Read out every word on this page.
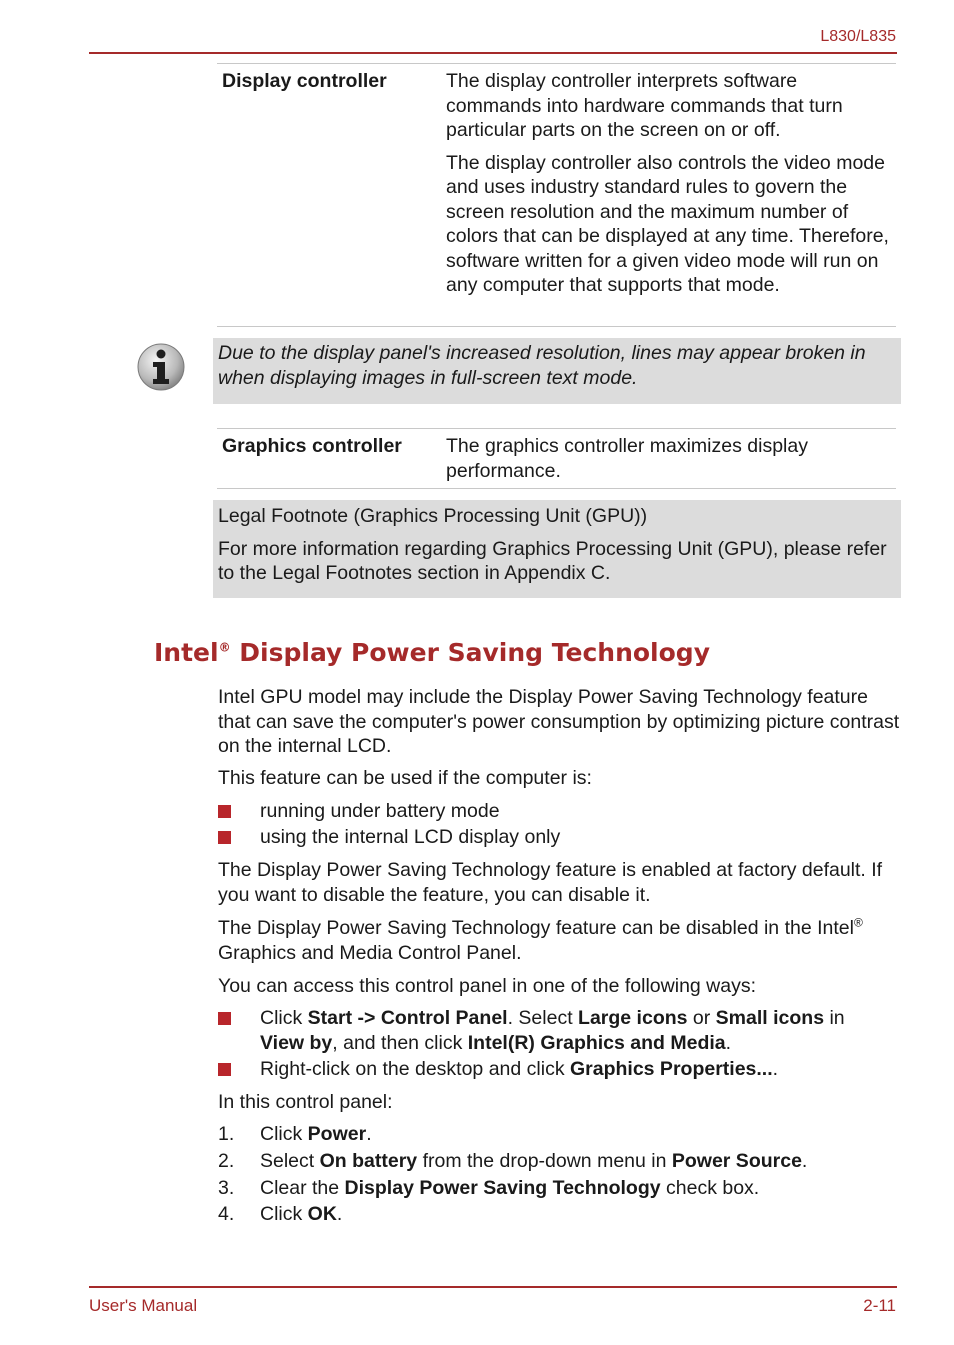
L830/L835
Display controller	The display controller interprets software commands into hardware commands that turn particular parts on the screen on or off.

The display controller also controls the video mode and uses industry standard rules to govern the screen resolution and the maximum number of colors that can be displayed at any time. Therefore, software written for a given video mode will run on any computer that supports that mode.

Due to the display panel's increased resolution, lines may appear broken in when displaying images in full-screen text mode.
Graphics controller The graphics controller maximizes display performance.

Legal Footnote (Graphics Processing Unit (GPU))

For more information regarding Graphics Processing Unit (GPU), please refer to the Legal Footnotes section in Appendix C.

Intel® Display Power Saving Technology

Intel GPU model may include the Display Power Saving Technology feature that can save the computer's power consumption by optimizing picture contrast on the internal LCD.

This feature can be used if the computer is:

running under battery mode
using the internal LCD display only

The Display Power Saving Technology feature is enabled at factory default. If you want to disable the feature, you can disable it.

The Display Power Saving Technology feature can be disabled in the Intel®
Graphics and Media Control Panel.

You can access this control panel in one of the following ways:

Click Start -> Control Panel. Select Large icons or Small icons in View by, and then click Intel(R) Graphics and Media.
Right-click on the desktop and click Graphics Properties....

In this control panel:

1. Click Power.
2. Select On battery from the drop-down menu in Power Source.
3. Clear the Display Power Saving Technology check box.
4. Click OK.
User's Manual	2-11
